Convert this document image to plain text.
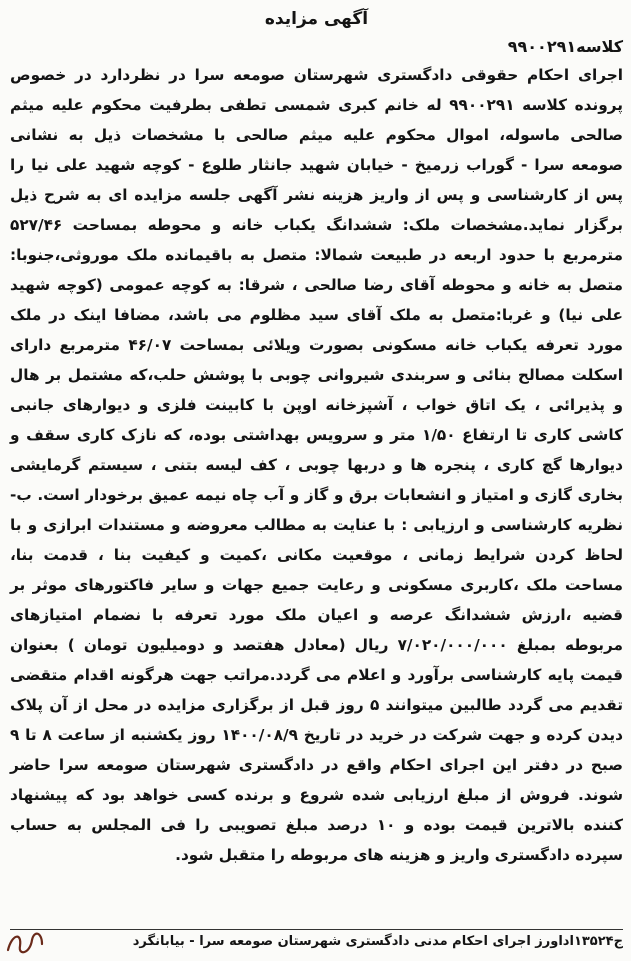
آگهی مزایده
کلاسه۹۹۰۰۲۹۱

اجرای احکام حقوقی دادگستری شهرستان صومعه سرا در نظردارد در خصوص پرونده کلاسه ۹۹۰۰۲۹۱ له خانم کبری شمسی تطفی بطرفیت محکوم علیه میثم صالحی ماسوله، اموال محکوم علیه میثم صالحی با مشخصات ذیل به نشانی صومعه سرا - گوراب زرمیخ - خیابان شهید جانثار طلوع - کوچه شهید علی نیا را پس از کارشناسی و پس از واریز هزینه نشر آگهی جلسه مزایده ای به شرح ذیل برگزار نماید.مشخصات ملک: ششدانگ یکباب خانه و محوطه بمساحت ۵۲۷/۴۶ مترمربع با حدود اربعه در طبیعت شمالا: متصل به باقیمانده ملک موروثی،جنوبا: متصل به خانه و محوطه آقای رضا صالحی ، شرقا: به کوچه عمومی (کوچه شهید علی نیا) و غربا:متصل به ملک آقای سید مظلوم می باشد، مضافا اینک در ملک مورد تعرفه یکباب خانه مسکونی بصورت ویلائی بمساحت ۴۶/۰۷ مترمربع دارای اسکلت مصالح بنائی و سربندی شیروانی چوبی با پوشش حلب،که مشتمل بر هال و پذیرائی ، یک اتاق خواب ، آشپزخانه اوپن با کابینت فلزی و دیوارهای جانبی کاشی کاری تا ارتفاع ۱/۵۰ متر و سرویس بهداشتی بوده، که نازک کاری سقف و دیوارها گچ کاری ، پنجره ها و دربها چوبی ، کف لیسه بتنی ، سیستم گرمایشی بخاری گازی و امتیاز و انشعابات برق و گاز و آب چاه نیمه عمیق برخودار است. ب- نظریه کارشناسی و ارزیابی : با عنایت به مطالب معروضه و مستندات ابرازی و با لحاظ کردن شرایط زمانی ، موقعیت مکانی ،کمیت و کیفیت بنا ، قدمت بنا، مساحت ملک ،کاربری مسکونی و رعایت جمیع جهات و سایر فاکتورهای موثر بر قضیه ،ارزش ششدانگ عرصه و اعیان ملک مورد تعرفه با نضمام امتیازهای مربوطه بمبلغ ۷/۰۲۰/۰۰۰/۰۰۰ ریال (معادل هفتصد و دومیلیون تومان ) بعنوان قیمت پایه کارشناسی برآورد و اعلام می گردد.مراتب جهت هرگونه اقدام متقضی تقدیم می گردد طالبین میتوانند ۵ روز قبل از برگزاری مزایده در محل از آن پلاک دیدن کرده و جهت شرکت در خرید در تاریخ ۱۴۰۰/۰۸/۹ روز یکشنبه از ساعت ۸ تا ۹ صبح در دفتر این اجرای احکام واقع در دادگستری شهرستان صومعه سرا حاضر شوند. فروش از مبلغ ارزیابی شده شروع و برنده کسی خواهد بود که پیشنهاد کننده بالاترین قیمت بوده و ۱۰ درصد مبلغ تصویبی را فی المجلس به حساب سپرده دادگستری واریز و هزینه های مربوطه را متقبل شود.

ج۱۳۵۲۴اداورز اجرای احکام مدنی دادگستری شهرستان صومعه سرا - بیابانگرد
